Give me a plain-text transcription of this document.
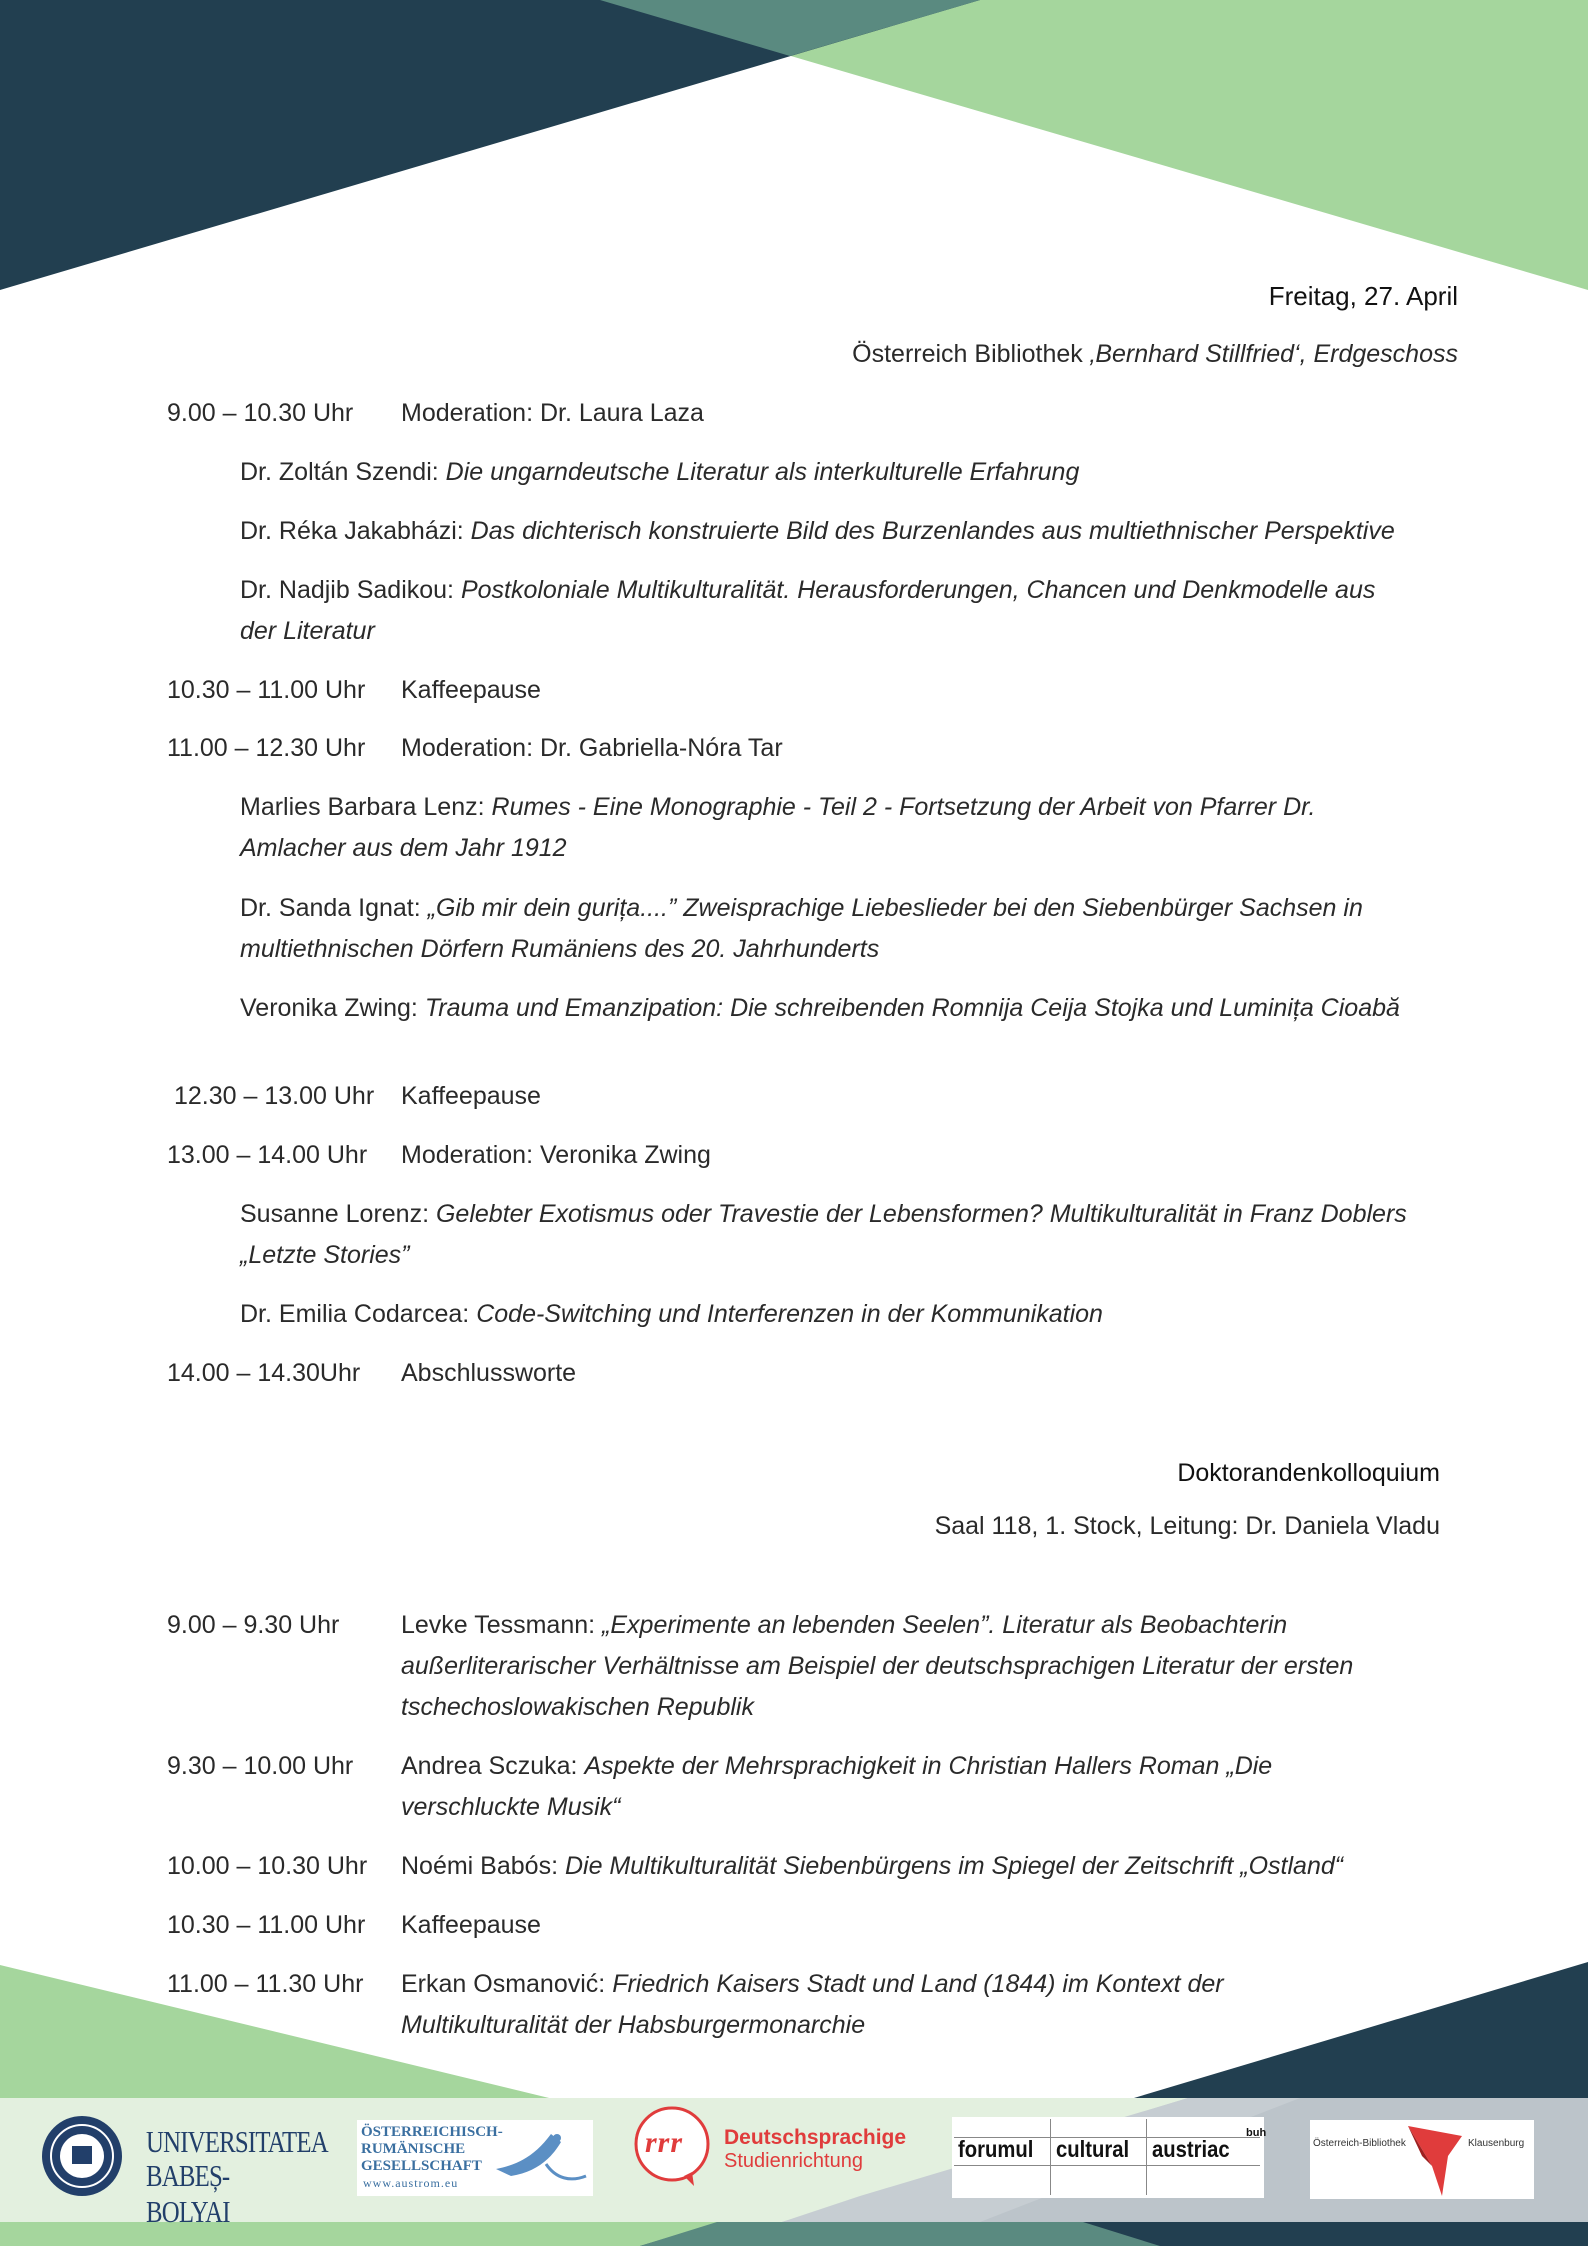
Freitag, 27. April
Österreich Bibliothek ‚Bernhard Stillfried‘, Erdgeschoss
9.00 – 10.30 Uhr Moderation: Dr. Laura Laza
Dr. Zoltán Szendi: Die ungarndeutsche Literatur als interkulturelle Erfahrung
Dr. Réka Jakabházi: Das dichterisch konstruierte Bild des Burzenlandes aus multiethnischer Perspektive
Dr. Nadjib Sadikou: Postkoloniale Multikulturalität. Herausforderungen, Chancen und Denkmodelle aus
der Literatur
10.30 – 11.00 Uhr Kaffeepause
11.00 – 12.30 Uhr Moderation: Dr. Gabriella-Nóra Tar
Marlies Barbara Lenz: Rumes - Eine Monographie - Teil 2 - Fortsetzung der Arbeit von Pfarrer Dr.
Amlacher aus dem Jahr 1912
Dr. Sanda Ignat: „Gib mir dein gurița....” Zweisprachige Liebeslieder bei den Siebenbürger Sachsen in
multiethnischen Dörfern Rumäniens des 20. Jahrhunderts
Veronika Zwing: Trauma und Emanzipation: Die schreibenden Romnija Ceija Stojka und Luminița Cioabă
12.30 – 13.00 Uhr Kaffeepause
13.00 – 14.00 Uhr Moderation: Veronika Zwing
Susanne Lorenz: Gelebter Exotismus oder Travestie der Lebensformen? Multikulturalität in Franz Doblers
„Letzte Stories”
Dr. Emilia Codarcea: Code-Switching und Interferenzen in der Kommunikation
14.00 – 14.30Uhr Abschlussworte
Doktorandenkolloquium
Saal 118, 1. Stock, Leitung: Dr. Daniela Vladu
9.00 – 9.30 Uhr Levke Tessmann: „Experimente an lebenden Seelen”. Literatur als Beobachterin
außerliterarischer Verhältnisse am Beispiel der deutschsprachigen Literatur der ersten
tschechoslowakischen Republik
9.30 – 10.00 Uhr Andrea Sczuka: Aspekte der Mehrsprachigkeit in Christian Hallers Roman „Die
verschluckte Musik“
10.00 – 10.30 Uhr Noémi Babós: Die Multikulturalität Siebenbürgens im Spiegel der Zeitschrift „Ostland“
10.30 – 11.00 Uhr Kaffeepause
11.00 – 11.30 Uhr Erkan Osmanović: Friedrich Kaisers Stadt und Land (1844) im Kontext der
Multikulturalität der Habsburgermonarchie
UNIVERSITATEA
BABEȘ-BOLYAI
ÖSTERREICHISCH-
RUMÄNISCHE
GESELLSCHAFT
www.austrom.eu
rrr Deutschsprachige
Studienrichtung	forumul cultural austriac
buh
Österreich-Bibliothek	Klausenburg
